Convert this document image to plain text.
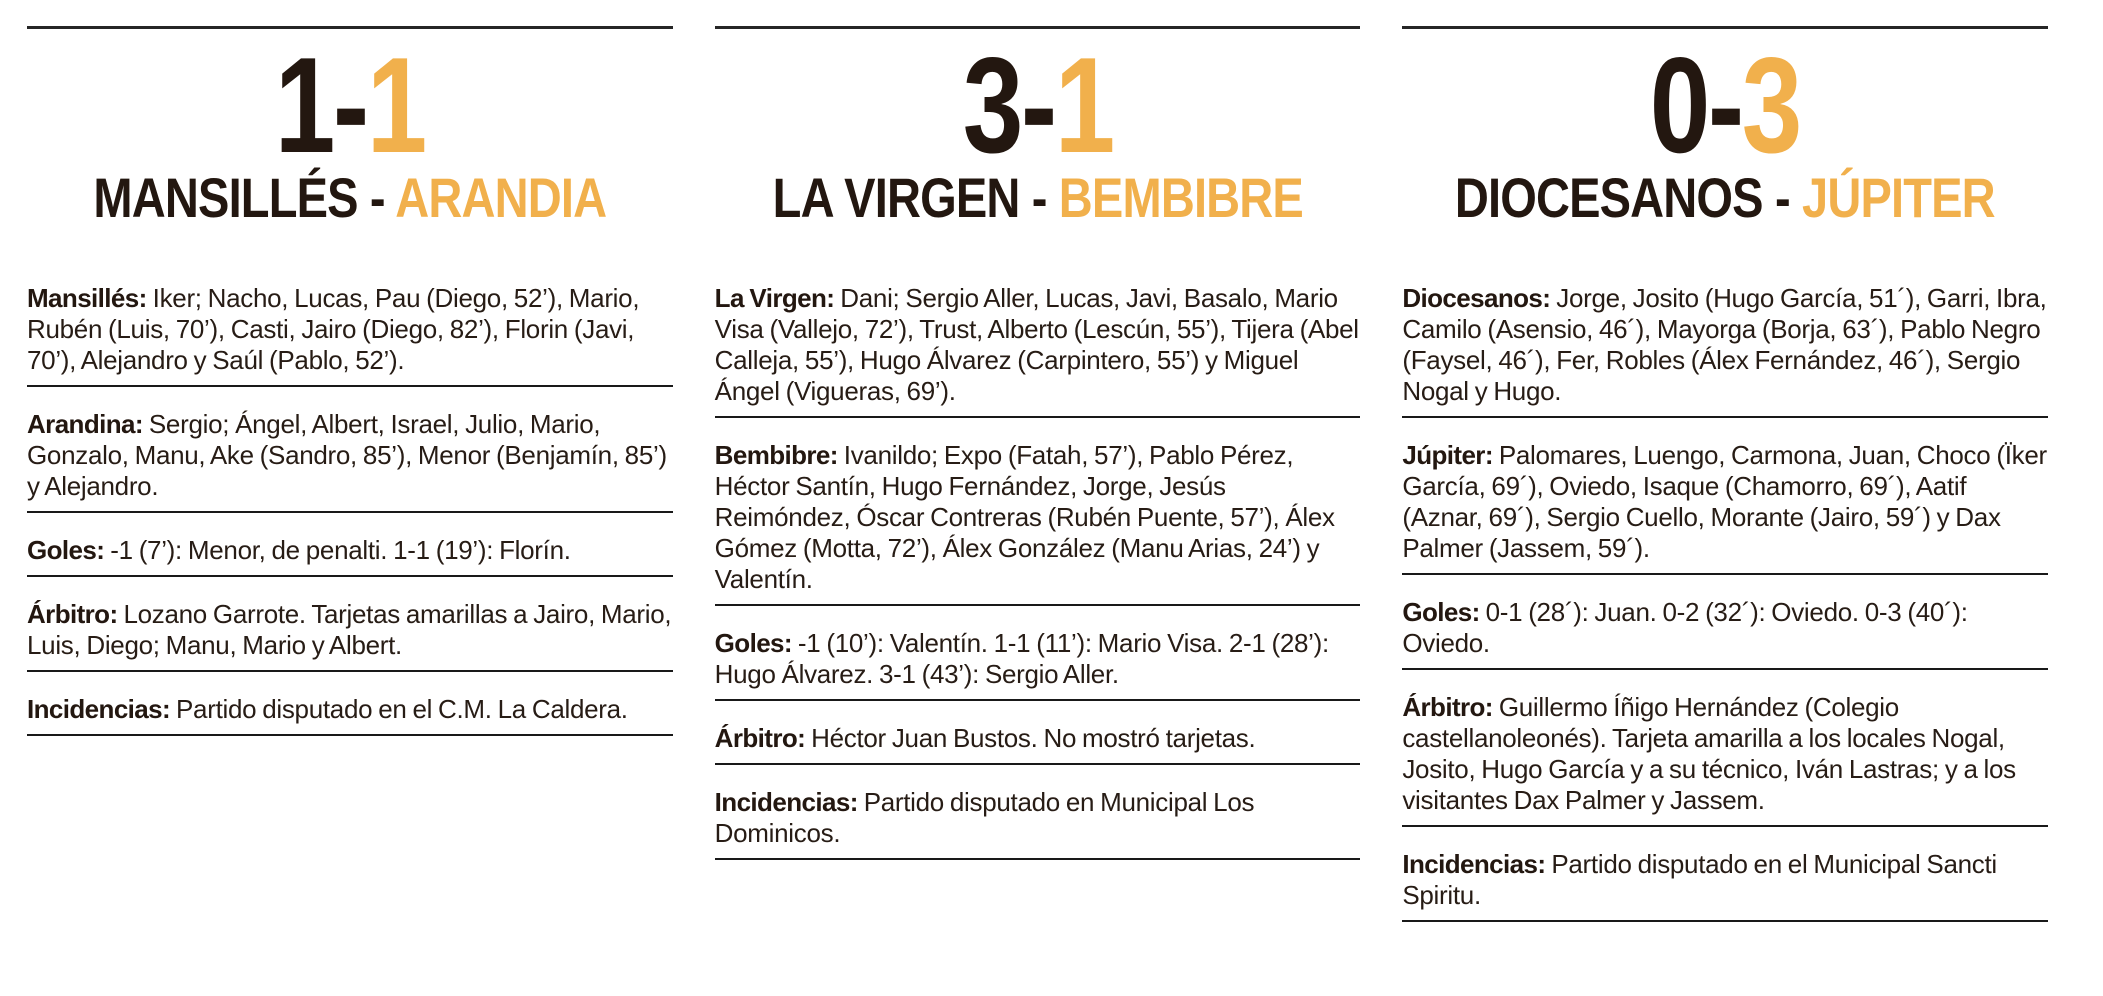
1-1
MANSILLÉS - ARANDIA

Mansillés: Iker; Nacho, Lucas, Pau (Diego, 52’), Mario, Rubén (Luis, 70’), Casti, Jairo (Diego, 82’), Florin (Javi, 70’), Alejandro y Saúl (Pablo, 52’).

Arandina: Sergio; Ángel, Albert, Israel, Julio, Mario, Gonzalo, Manu, Ake (Sandro, 85’), Menor (Benjamín, 85’) y Alejandro.

Goles: -1 (7’): Menor, de penalti. 1-1 (19’): Florín.

Árbitro: Lozano Garrote. Tarjetas amarillas a Jairo, Mario, Luis, Diego; Manu, Mario y Albert.

Incidencias: Partido disputado en el C.M. La Caldera.

3-1
LA VIRGEN - BEMBIBRE

La Virgen: Dani; Sergio Aller, Lucas, Javi, Basalo, Mario Visa (Vallejo, 72’), Trust, Alberto (Lescún, 55’), Tijera (Abel Calleja, 55’), Hugo Álvarez (Carpintero, 55’) y Miguel Ángel (Vigueras, 69’).

Bembibre: Ivanildo; Expo (Fatah, 57’), Pablo Pérez, Héctor Santín, Hugo Fernández, Jorge, Jesús Reimóndez, Óscar Contreras (Rubén Puente, 57’), Álex Gómez (Motta, 72’), Álex González (Manu Arias, 24’) y Valentín.

Goles: -1 (10’): Valentín. 1-1 (11’): Mario Visa. 2-1 (28’): Hugo Álvarez. 3-1 (43’): Sergio Aller.

Árbitro: Héctor Juan Bustos. No mostró tarjetas.

Incidencias: Partido disputado en Municipal Los Dominicos.

0-3
DIOCESANOS - JÚPITER

Diocesanos: Jorge, Josito (Hugo García, 51´), Garri, Ibra, Camilo (Asensio, 46´), Mayorga (Borja, 63´), Pablo Negro (Faysel, 46´), Fer, Robles (Álex Fernández, 46´), Sergio Nogal y Hugo.

Júpiter: Palomares, Luengo, Carmona, Juan, Choco (Ïker García, 69´), Oviedo, Isaque (Chamorro, 69´), Aatif (Aznar, 69´), Sergio Cuello, Morante (Jairo, 59´) y Dax Palmer (Jassem, 59´).

Goles: 0-1 (28´): Juan. 0-2 (32´): Oviedo. 0-3 (40´): Oviedo.

Árbitro: Guillermo Íñigo Hernández (Colegio castellanoleonés). Tarjeta amarilla a los locales Nogal, Josito, Hugo García y a su técnico, Iván Lastras; y a los visitantes Dax Palmer y Jassem.

Incidencias: Partido disputado en el Municipal Sancti Spiritu.
